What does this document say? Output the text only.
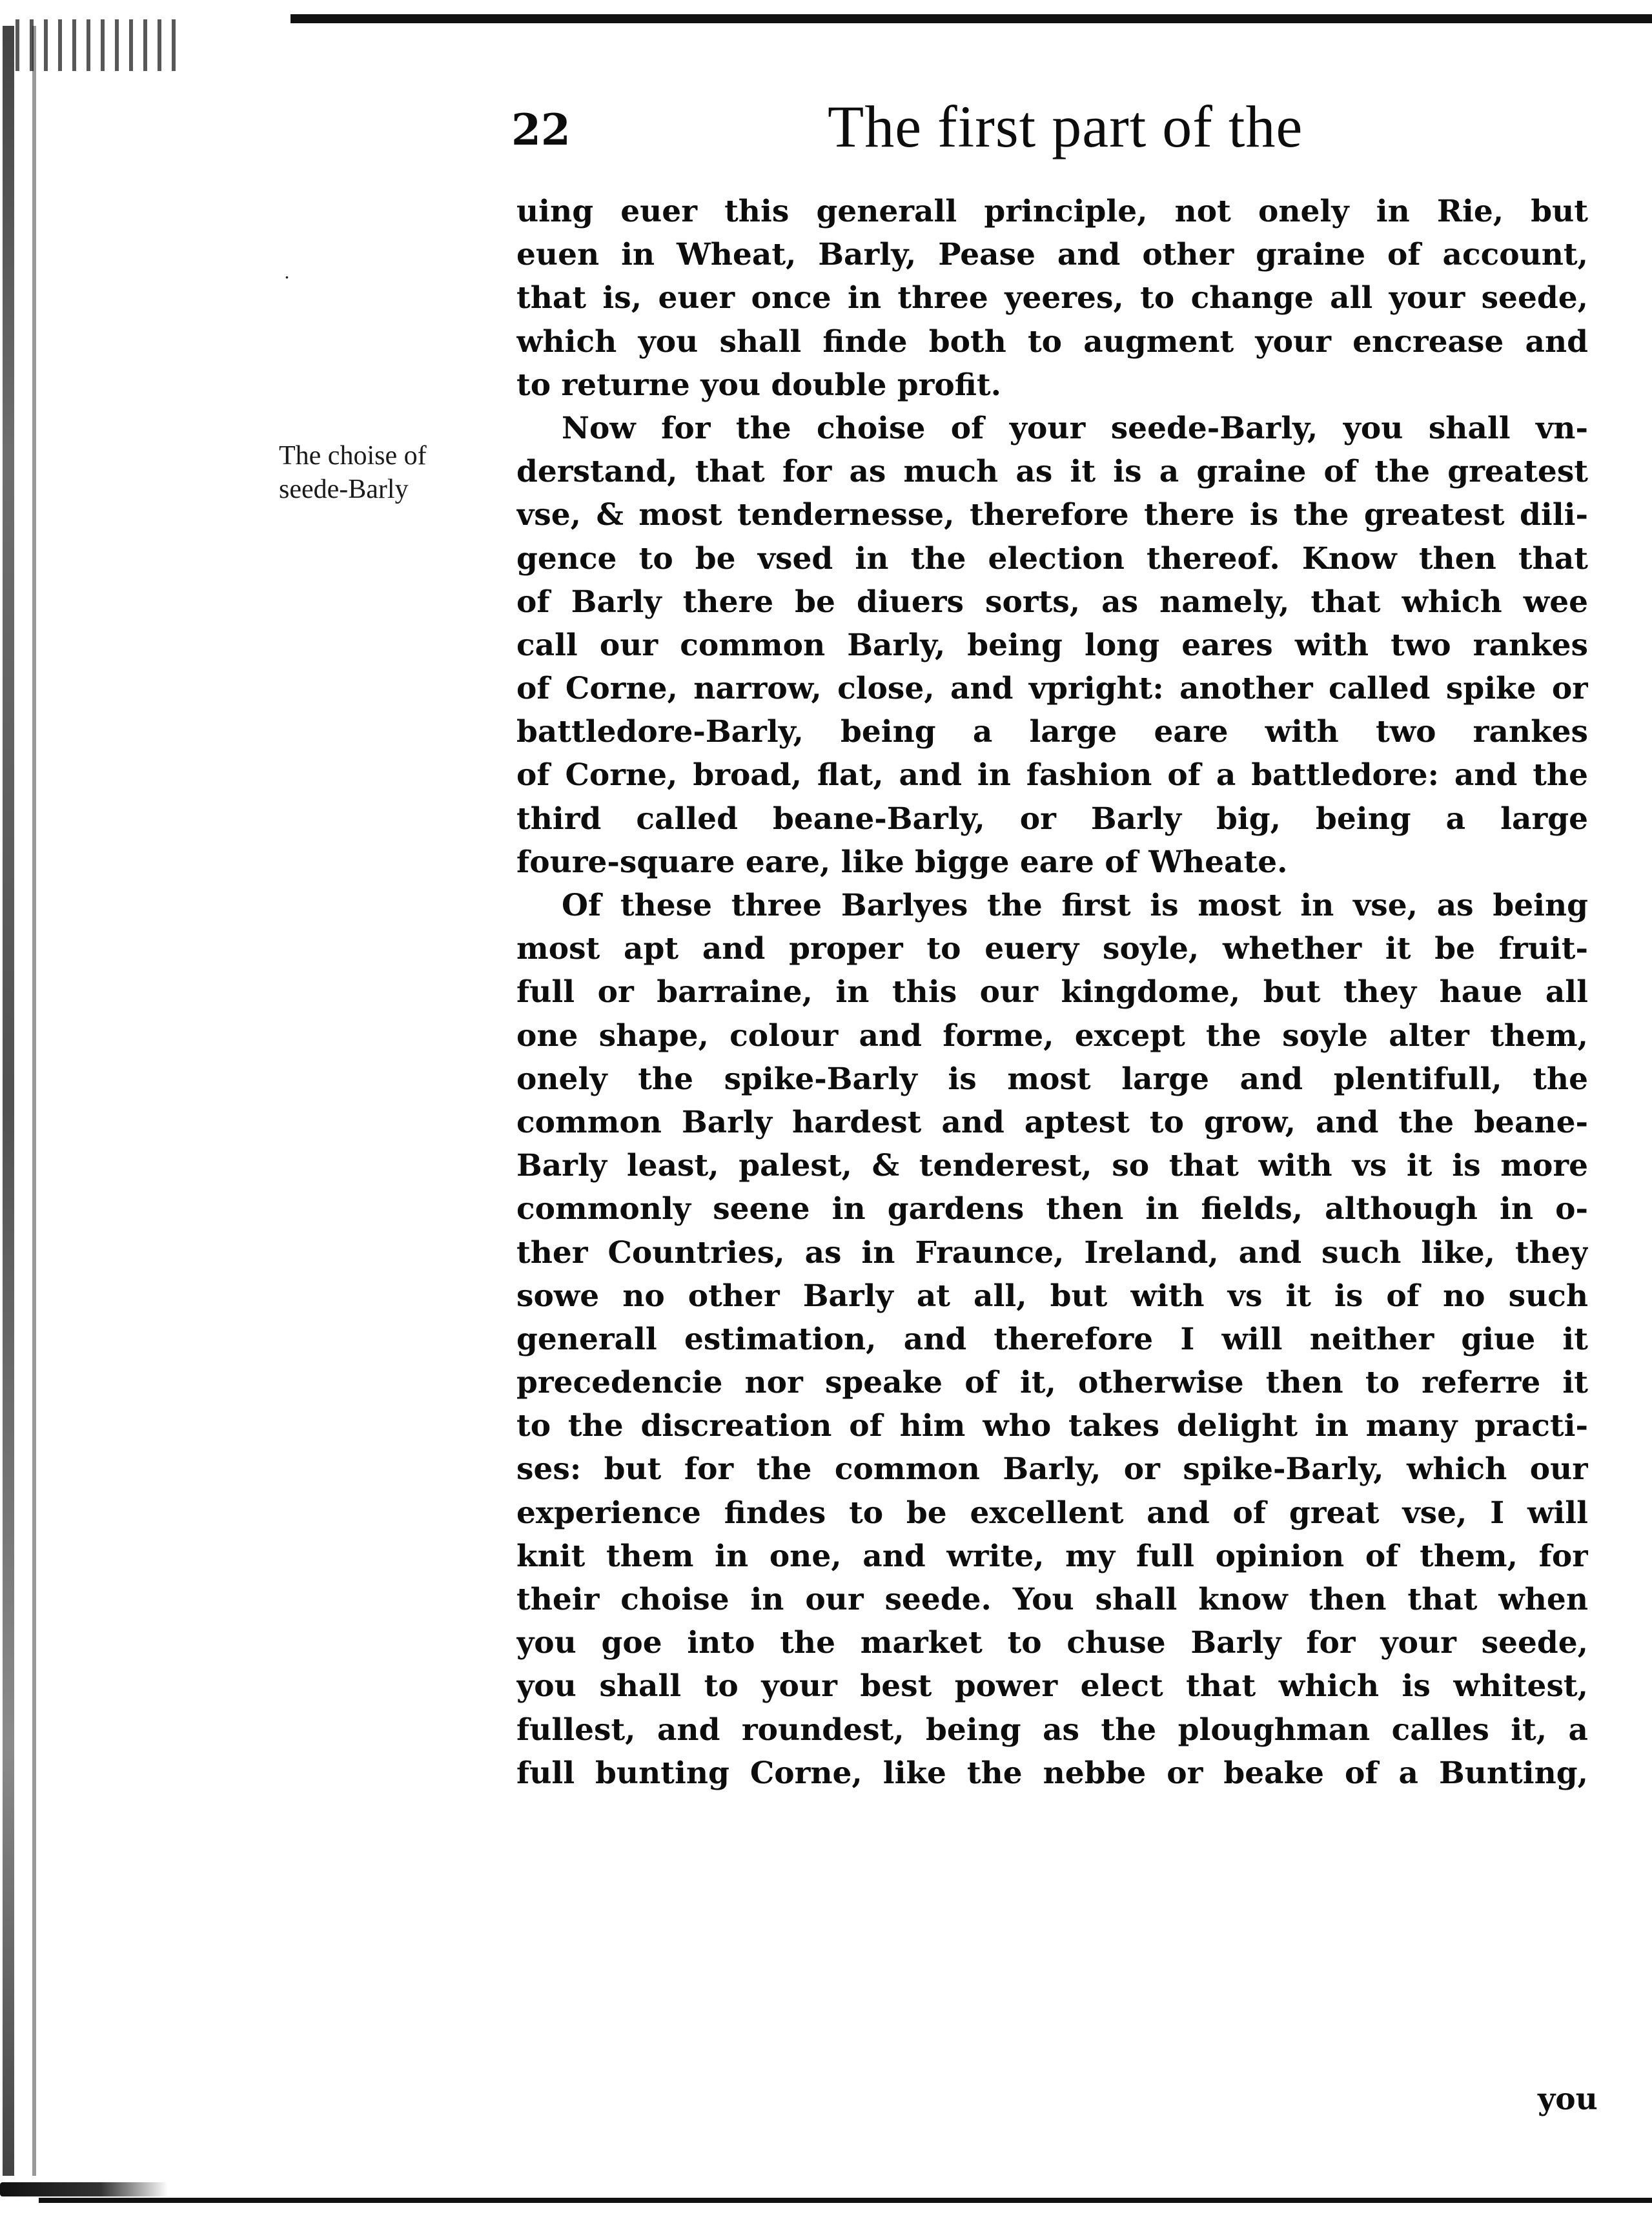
.
22	The first part of the
The choise of
seede-Barly
uing euer this generall principle, not onely in Rie, but
euen in Wheat, Barly, Pease and other graine of account,
that is, euer once in three yeeres, to change all your seede,
which you shall finde both to augment your encrease and
to returne you double profit.
Now for the choise of your seede-Barly, you shall vn-
derstand, that for as much as it is a graine of the greatest
vse, & most tendernesse, therefore there is the greatest dili-
gence to be vsed in the election thereof. Know then that
of Barly there be diuers sorts, as namely, that which wee
call our common Barly, being long eares with two rankes
of Corne, narrow, close, and vpright: another called spike or
battledore-Barly, being a large eare with two rankes
of Corne, broad, flat, and in fashion of a battledore: and the
third called beane-Barly, or Barly big, being a large
foure-square eare, like bigge eare of Wheate.
Of these three Barlyes the first is most in vse, as being
most apt and proper to euery soyle, whether it be fruit-
full or barraine, in this our kingdome, but they haue all
one shape, colour and forme, except the soyle alter them,
onely the spike-Barly is most large and plentifull, the
common Barly hardest and aptest to grow, and the beane-
Barly least, palest, & tenderest, so that with vs it is more
commonly seene in gardens then in fields, although in o-
ther Countries, as in Fraunce, Ireland, and such like, they
sowe no other Barly at all, but with vs it is of no such
generall estimation, and therefore I will neither giue it
precedencie nor speake of it, otherwise then to referre it
to the discreation of him who takes delight in many practi-
ses: but for the common Barly, or spike-Barly, which our
experience findes to be excellent and of great vse, I will
knit them in one, and write, my full opinion of them, for
their choise in our seede. You shall know then that when
you goe into the market to chuse Barly for your seede,
you shall to your best power elect that which is whitest,
fullest, and roundest, being as the ploughman calles it, a
full bunting Corne, like the nebbe or beake of a Bunting,
you
